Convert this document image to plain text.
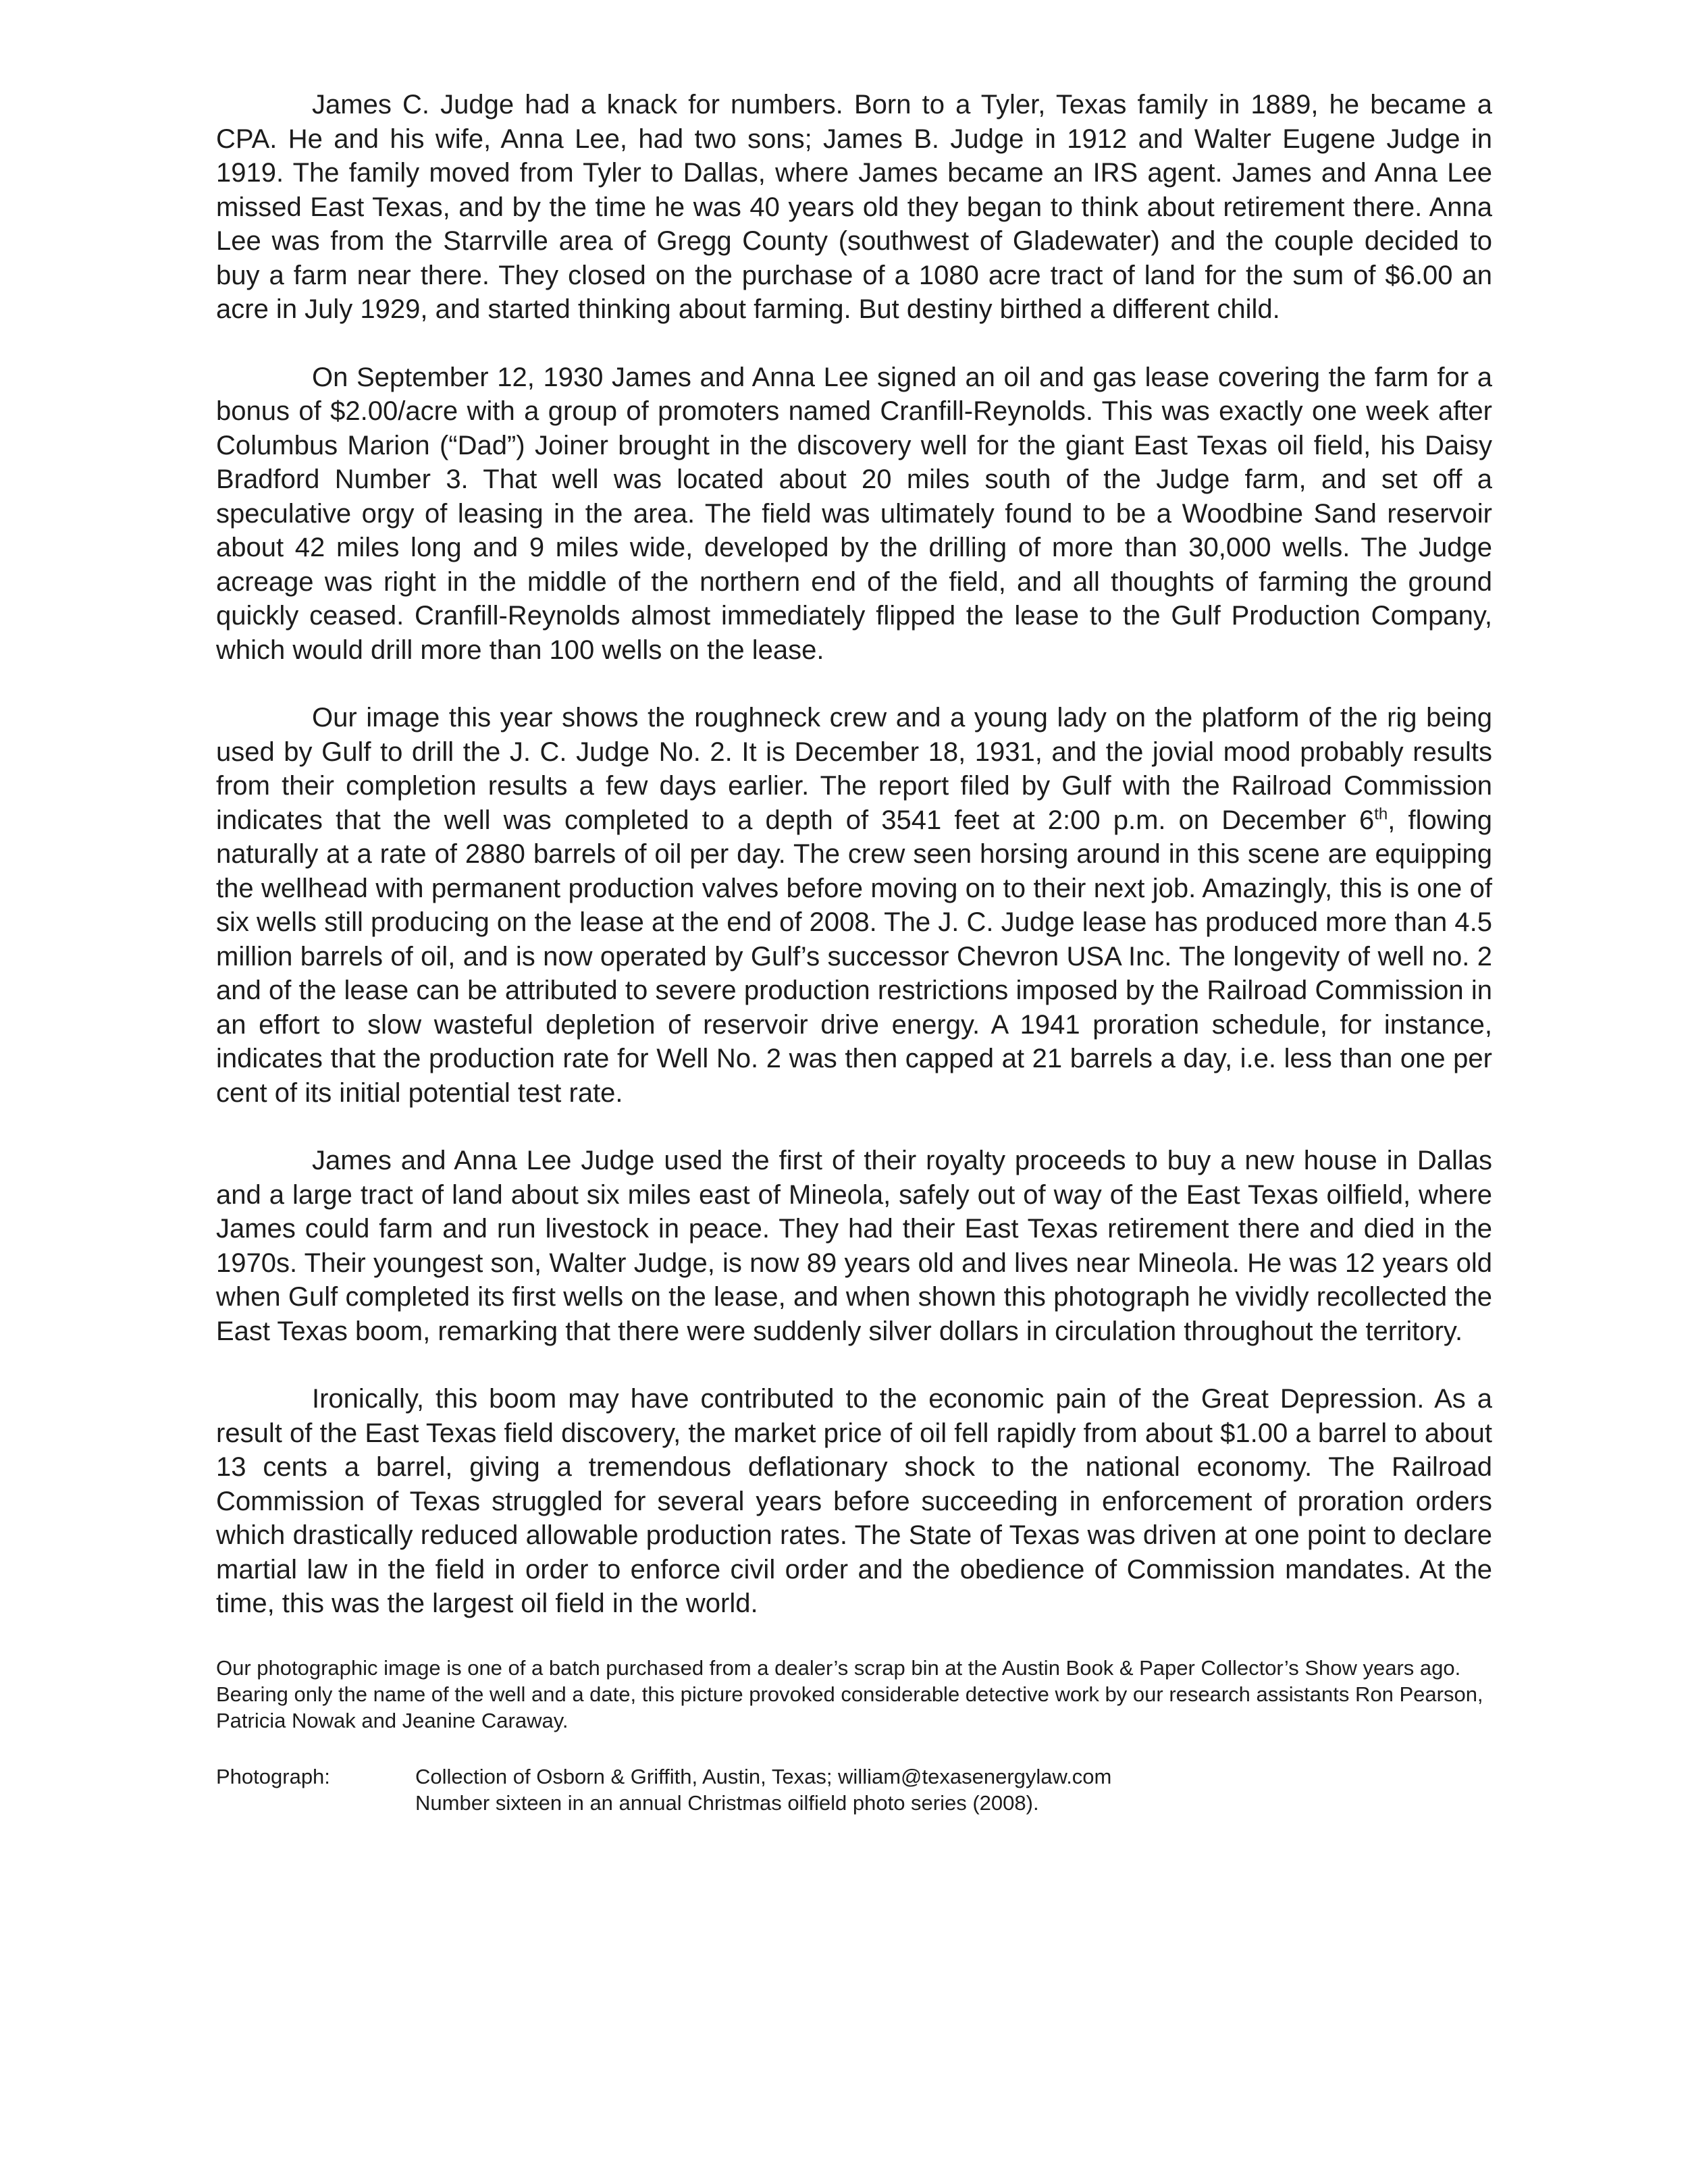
James C. Judge had a knack for numbers. Born to a Tyler, Texas family in 1889, he became a CPA. He and his wife, Anna Lee, had two sons; James B. Judge in 1912 and Walter Eugene Judge in 1919. The family moved from Tyler to Dallas, where James became an IRS agent. James and Anna Lee missed East Texas, and by the time he was 40 years old they began to think about retirement there. Anna Lee was from the Starrville area of Gregg County (southwest of Gladewater) and the couple decided to buy a farm near there. They closed on the purchase of a 1080 acre tract of land for the sum of $6.00 an acre in July 1929, and started thinking about farming. But destiny birthed a different child.

On September 12, 1930 James and Anna Lee signed an oil and gas lease covering the farm for a bonus of $2.00/acre with a group of promoters named Cranfill-Reynolds. This was exactly one week after Columbus Marion (“Dad”) Joiner brought in the discovery well for the giant East Texas oil field, his Daisy Bradford Number 3. That well was located about 20 miles south of the Judge farm, and set off a speculative orgy of leasing in the area. The field was ultimately found to be a Woodbine Sand reservoir about 42 miles long and 9 miles wide, developed by the drilling of more than 30,000 wells. The Judge acreage was right in the middle of the northern end of the field, and all thoughts of farming the ground quickly ceased. Cranfill-Reynolds almost immediately flipped the lease to the Gulf Production Company, which would drill more than 100 wells on the lease.

Our image this year shows the roughneck crew and a young lady on the platform of the rig being used by Gulf to drill the J. C. Judge No. 2. It is December 18, 1931, and the jovial mood probably results from their completion results a few days earlier. The report filed by Gulf with the Railroad Commission indicates that the well was completed to a depth of 3541 feet at 2:00 p.m. on December 6th, flowing naturally at a rate of 2880 barrels of oil per day. The crew seen horsing around in this scene are equipping the wellhead with permanent production valves before moving on to their next job. Amazingly, this is one of six wells still producing on the lease at the end of 2008. The J. C. Judge lease has produced more than 4.5 million barrels of oil, and is now operated by Gulf’s successor Chevron USA Inc. The longevity of well no. 2 and of the lease can be attributed to severe production restrictions imposed by the Railroad Commission in an effort to slow wasteful depletion of reservoir drive energy. A 1941 proration schedule, for instance, indicates that the production rate for Well No. 2 was then capped at 21 barrels a day, i.e. less than one per cent of its initial potential test rate.

James and Anna Lee Judge used the first of their royalty proceeds to buy a new house in Dallas and a large tract of land about six miles east of Mineola, safely out of way of the East Texas oilfield, where James could farm and run livestock in peace. They had their East Texas retirement there and died in the 1970s. Their youngest son, Walter Judge, is now 89 years old and lives near Mineola. He was 12 years old when Gulf completed its first wells on the lease, and when shown this photograph he vividly recollected the East Texas boom, remarking that there were suddenly silver dollars in circulation throughout the territory.

Ironically, this boom may have contributed to the economic pain of the Great Depression. As a result of the East Texas field discovery, the market price of oil fell rapidly from about $1.00 a barrel to about 13 cents a barrel, giving a tremendous deflationary shock to the national economy. The Railroad Commission of Texas struggled for several years before succeeding in enforcement of proration orders which drastically reduced allowable production rates. The State of Texas was driven at one point to declare martial law in the field in order to enforce civil order and the obedience of Commission mandates. At the time, this was the largest oil field in the world.

Our photographic image is one of a batch purchased from a dealer’s scrap bin at the Austin Book & Paper Collector’s Show years ago. Bearing only the name of the well and a date, this picture provoked considerable detective work by our research assistants Ron Pearson, Patricia Nowak and Jeanine Caraway.

Photograph:	Collection of Osborn & Griffith, Austin, Texas; william@texasenergylaw.com
Number sixteen in an annual Christmas oilfield photo series (2008).
